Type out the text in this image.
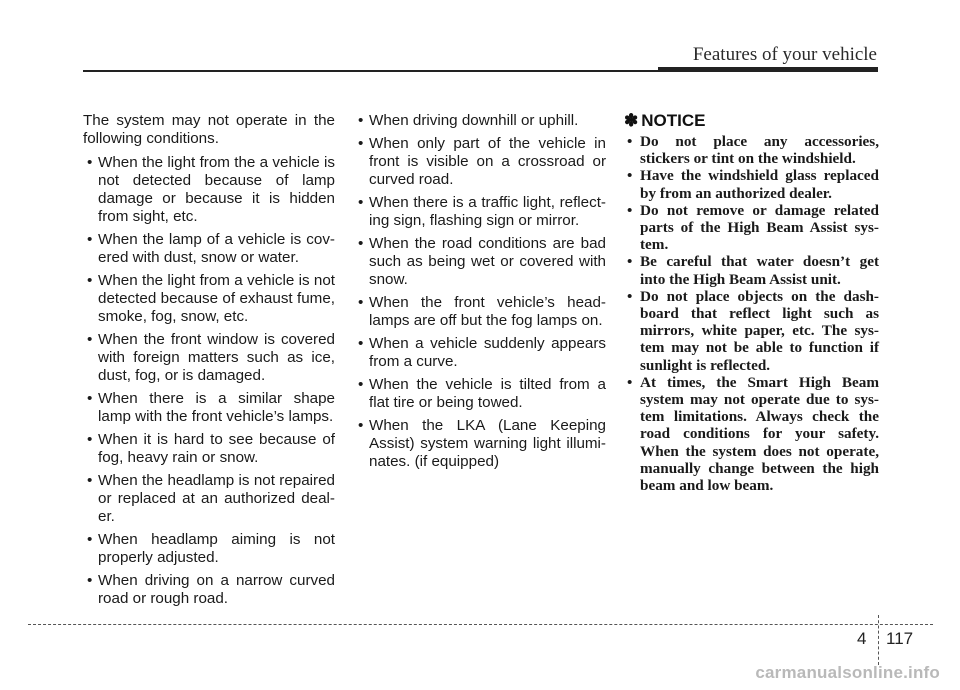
Features of your vehicle

The system may not operate in the following conditions.

• When the light from the a vehicle is not detected because of lamp damage or because it is hidden from sight, etc.
• When the lamp of a vehicle is cov-ered with dust, snow or water.
• When the light from a vehicle is not detected because of exhaust fume, smoke, fog, snow, etc.
• When the front window is covered with foreign matters such as ice, dust, fog, or is damaged.
• When there is a similar shape lamp with the front vehicle’s lamps.
• When it is hard to see because of fog, heavy rain or snow.
• When the headlamp is not repaired or replaced at an authorized deal-er.
• When headlamp aiming is not properly adjusted.
• When driving on a narrow curved road or rough road.
• When driving downhill or uphill.
• When only part of the vehicle in front is visible on a crossroad or curved road.
• When there is a traffic light, reflect-ing sign, flashing sign or mirror.
• When the road conditions are bad such as being wet or covered with snow.
• When the front vehicle’s head-lamps are off but the fog lamps on.
• When a vehicle suddenly appears from a curve.
• When the vehicle is tilted from a flat tire or being towed.
• When the LKA (Lane Keeping Assist) system warning light illumi-nates. (if equipped)
✽ NOTICE
• Do not place any accessories, stickers or tint on the windshield.
• Have the windshield glass replaced by from an authorized dealer.
• Do not remove or damage related parts of the High Beam Assist sys-tem.
• Be careful that water doesn’t get into the High Beam Assist unit.
• Do not place objects on the dash-board that reflect light such as mirrors, white paper, etc. The sys-tem may not be able to function if sunlight is reflected.
• At times, the Smart High Beam system may not operate due to sys-tem limitations. Always check the road conditions for your safety. When the system does not operate, manually change between the high beam and low beam.
4 117
carmanualsonline.info
